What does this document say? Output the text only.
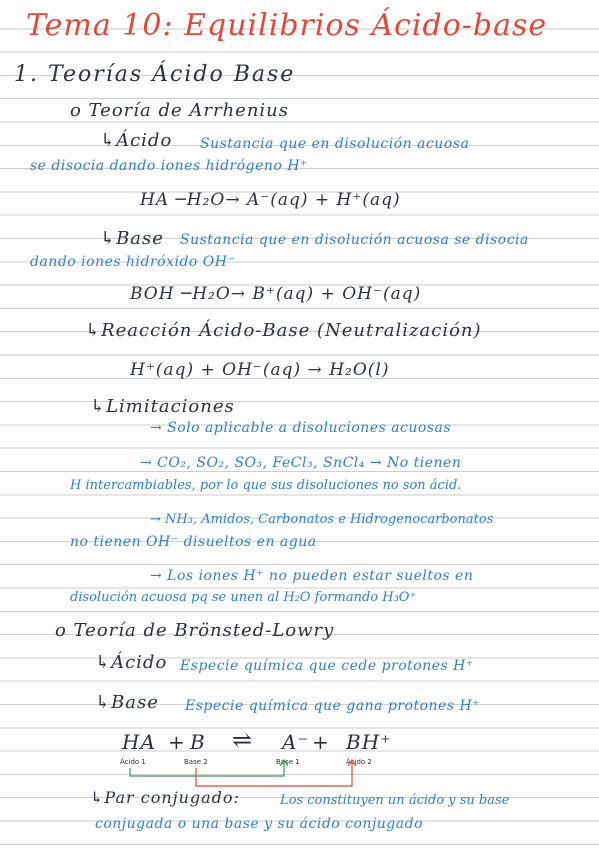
Tema 10: Equilibrios Ácido-base
1. Teorías Ácido Base
o Teoría de Arrhenius
↳Ácido Sustancia que en disolución acuosa
se disocia dando iones hidrógeno H⁺
HA ─H₂O→ A⁻(aq) + H⁺(aq)
↳Base Sustancia que en disolución acuosa se disocia
dando iones hidróxido OH⁻
BOH ─H₂O→ B⁺(aq) + OH⁻(aq)
↳Reacción Ácido-Base (Neutralización)
H⁺(aq) + OH⁻(aq) → H₂O(l)
↳Limitaciones
→ Solo aplicable a disoluciones acuosas
→ CO₂, SO₂, SO₃, FeCl₃, SnCl₄ → No tienen
H intercambiables, por lo que sus disoluciones no son ácid.
→ NH₃, Amidos, Carbonatos e Hidrogenocarbonatos
no tienen OH⁻ disueltos en agua
→ Los iones H⁺ no pueden estar sueltos en
disolución acuosa pq se unen al H₂O formando H₃O⁺
o Teoría de Brönsted-Lowry
↳Ácido Especie química que cede protones H⁺
↳Base Especie química que gana protones H⁺
HA + B ⇌ A⁻ + BH⁺
Ácido 1	Base 2	Base 1	Ácido 2
↳Par conjugado:	Los constituyen un ácido y su base
conjugada o una base y su ácido conjugado
